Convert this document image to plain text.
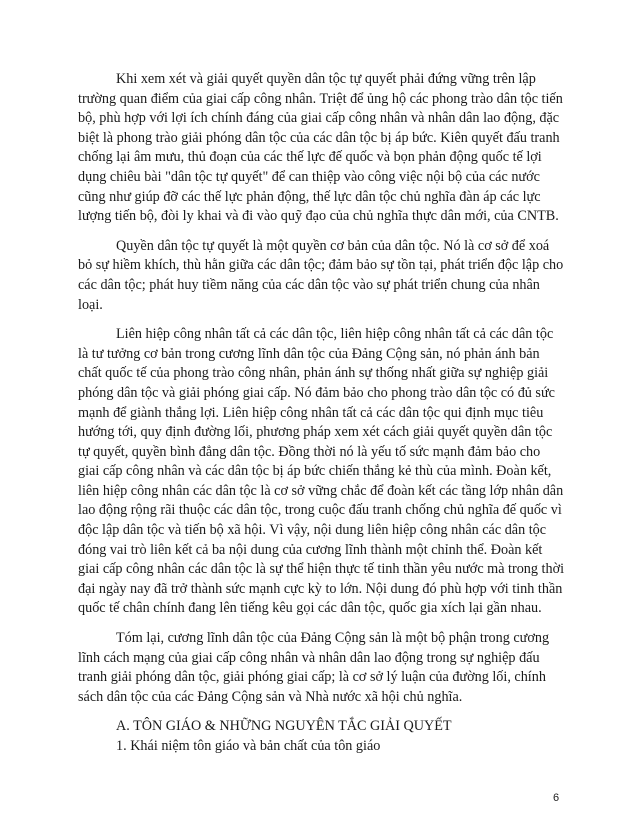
Khi xem xét và giải quyết quyền dân tộc tự quyết phải đứng vững trên lập trường quan điểm của giai cấp công nhân. Triệt để ủng hộ các phong trào dân tộc tiến bộ, phù hợp với lợi ích chính đáng của giai cấp công nhân và nhân dân lao động, đặc biệt là phong trào giải phóng dân tộc của các dân tộc bị áp bức. Kiên quyết đấu tranh chống lại âm mưu, thủ đoạn của các thế lực đế quốc và bọn phản động quốc tế lợi dụng chiêu bài "dân tộc tự quyết" để can thiệp vào công việc nội bộ của các nước cũng như giúp đỡ các thế lực phản động, thế lực dân tộc chủ nghĩa đàn áp các lực lượng tiến bộ, đòi ly khai và đi vào quỹ đạo của chủ nghĩa thực dân mới, của CNTB.

Quyền dân tộc tự quyết là một quyền cơ bản của dân tộc. Nó là cơ sở để xoá bỏ sự hiềm khích, thù hằn giữa các dân tộc; đảm bảo sự tồn tại, phát triển độc lập cho các dân tộc; phát huy tiềm năng của các dân tộc vào sự phát triển chung của nhân loại.

Liên hiệp công nhân tất cả các dân tộc, liên hiệp công nhân tất cả các dân tộc là tư tưởng cơ bản trong cương lĩnh dân tộc của Đảng Cộng sản, nó phản ánh bản chất quốc tế của phong trào công nhân, phản ánh sự thống nhất giữa sự nghiệp giải phóng dân tộc và giải phóng giai cấp. Nó đảm bảo cho phong trào dân tộc có đủ sức mạnh để giành thắng lợi. Liên hiệp công nhân tất cả các dân tộc qui định mục tiêu hướng tới, quy định đường lối, phương pháp xem xét cách giải quyết quyền dân tộc tự quyết, quyền bình đẳng dân tộc. Đồng thời nó là yếu tố sức mạnh đảm bảo cho giai cấp công nhân và các dân tộc bị áp bức chiến thắng kẻ thù của mình. Đoàn kết, liên hiệp công nhân các dân tộc là cơ sở vững chắc để đoàn kết các tầng lớp nhân dân lao động rộng rãi thuộc các dân tộc, trong cuộc đấu tranh chống chủ nghĩa đế quốc vì độc lập dân tộc và tiến bộ xã hội. Vì vậy, nội dung liên hiệp công nhân các dân tộc đóng vai trò liên kết cả ba nội dung của cương lĩnh thành một chỉnh thể. Đoàn kết giai cấp công nhân các dân tộc là sự thể hiện thực tế tinh thần yêu nước mà trong thời đại ngày nay đã trở thành sức mạnh cực kỳ to lớn. Nội dung đó phù hợp với tinh thần quốc tế chân chính đang lên tiếng kêu gọi các dân tộc, quốc gia xích lại gần nhau.

Tóm lại, cương lĩnh dân tộc của Đảng Cộng sản là một bộ phận trong cương lĩnh cách mạng của giai cấp công nhân và nhân dân lao động trong sự nghiệp đấu tranh giải phóng dân tộc, giải phóng giai cấp; là cơ sở lý luận của đường lối, chính sách dân tộc của các Đảng Cộng sản và Nhà nước xã hội chủ nghĩa.

A. TÔN GIÁO & NHỮNG NGUYÊN TẮC GIẢI QUYẾT

1. Khái niệm tôn giáo và bản chất của tôn giáo

6
